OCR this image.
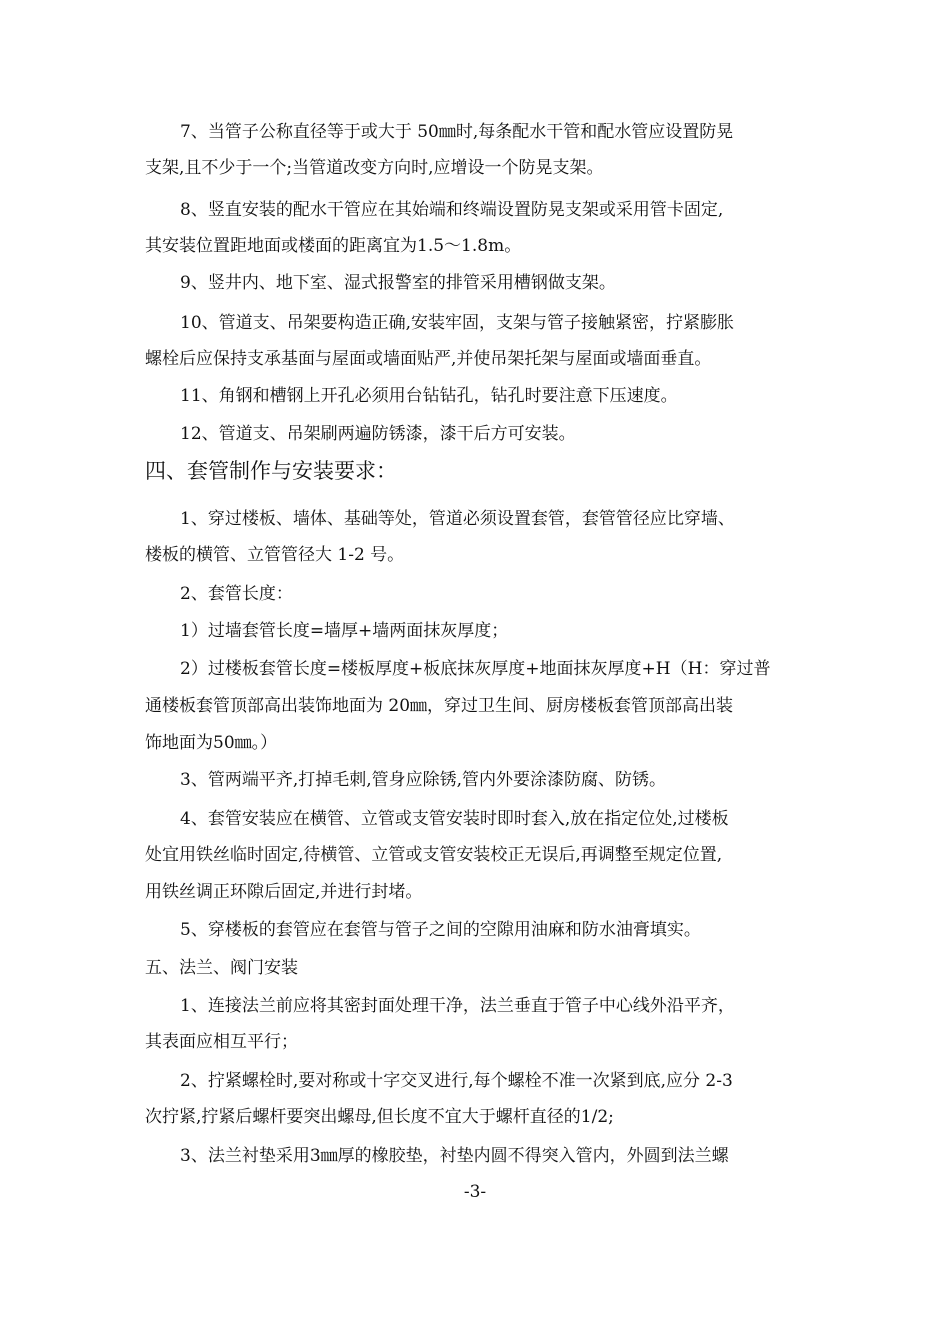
7、当管子公称直径等于或大于 50㎜时,每条配水干管和配水管应设置防晃
支架,且不少于一个;当管道改变方向时,应增设一个防晃支架。
8、竖直安装的配水干管应在其始端和终端设置防晃支架或采用管卡固定,
其安装位置距地面或楼面的距离宜为1.5～1.8m。
9、竖井内、地下室、湿式报警室的排管采用槽钢做支架。
10、管道支、吊架要构造正确,安装牢固，支架与管子接触紧密，拧紧膨胀
螺栓后应保持支承基面与屋面或墙面贴严,并使吊架托架与屋面或墙面垂直。
11、角钢和槽钢上开孔必须用台钻钻孔，钻孔时要注意下压速度。
12、管道支、吊架刷两遍防锈漆，漆干后方可安装。
四、套管制作与安装要求：
1、穿过楼板、墙体、基础等处，管道必须设置套管，套管管径应比穿墙、
楼板的横管、立管管径大 1-2 号。
2、套管长度：
1）过墙套管长度=墙厚+墙两面抹灰厚度；
2）过楼板套管长度=楼板厚度+板底抹灰厚度+地面抹灰厚度+H（H：穿过普
通楼板套管顶部高出装饰地面为 20㎜，穿过卫生间、厨房楼板套管顶部高出装
饰地面为50㎜。）
3、管两端平齐,打掉毛刺,管身应除锈,管内外要涂漆防腐、防锈。
4、套管安装应在横管、立管或支管安装时即时套入,放在指定位处,过楼板
处宜用铁丝临时固定,待横管、立管或支管安装校正无误后,再调整至规定位置,
用铁丝调正环隙后固定,并进行封堵。
5、穿楼板的套管应在套管与管子之间的空隙用油麻和防水油膏填实。
五、法兰、阀门安装
1、连接法兰前应将其密封面处理干净，法兰垂直于管子中心线外沿平齐，
其表面应相互平行；
2、拧紧螺栓时,要对称或十字交叉进行,每个螺栓不准一次紧到底,应分 2-3
次拧紧,拧紧后螺杆要突出螺母,但长度不宜大于螺杆直径的1/2;
3、法兰衬垫采用3㎜厚的橡胶垫，衬垫内圆不得突入管内，外圆到法兰螺
-3-
